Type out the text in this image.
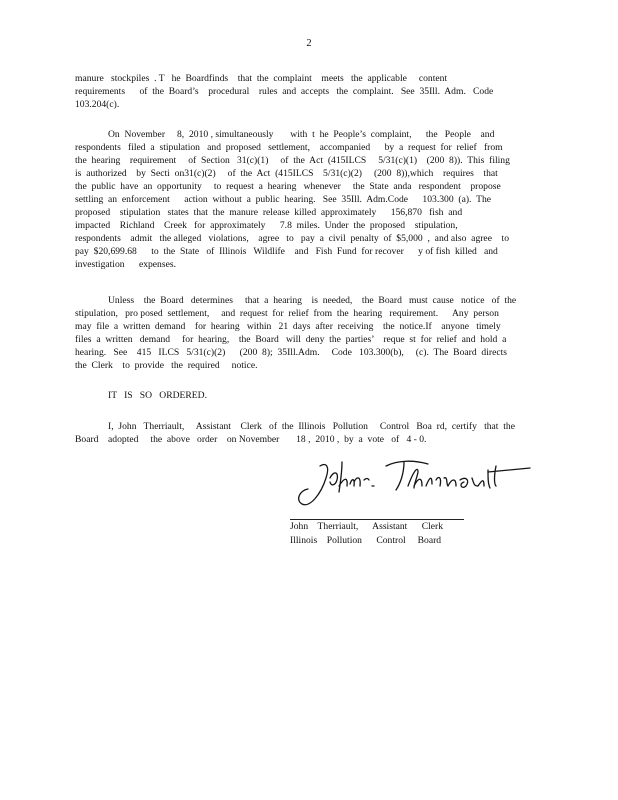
2
manure   stockpiles  . T   he  Boardfinds    that  the  complaint    meets   the  applicable     content
requirements      of  the  Board’s    procedural    rules  and  accepts   the  complaint.   See  35Ill.  Adm.   Code
103.204(c).
On  November     8,  2010 , simultaneously       with  t  he  People’s  complaint,      the   People    and
respondents   filed  a  stipulation   and  proposed   settlement,    accompanied      by  a  request  for  relief   from
the  hearing    requirement     of  Section   31(c)(1)     of  the  Act  (415ILCS     5/31(c)(1)    (200  8)).  This  filing
is  authorized    by  Secti  on31(c)(2)     of  the  Act  (415ILCS    5/31(c)(2)     (200  8)),which    requires    that
the  public  have  an  opportunity     to  request  a  hearing   whenever     the  State  anda   respondent    propose
settling  an  enforcement      action  without  a  public  hearing.   See  35Ill.  Adm.Code      103.300  (a).  The
proposed    stipulation   states  that  the  manure  release  killed  approximately      156,870   fish  and
impacted    Richland    Creek   for  approximately      7.8  miles.  Under  the  proposed    stipulation,
respondents    admit   the alleged   violations,    agree   to   pay  a  civil  penalty  of  $5,000  ,  and also  agree    to
pay  $20,699.68      to  the  State   of  Illinois   Wildlife    and   Fish  Fund  for recover      y of fish  killed   and
investigation      expenses.
Unless    the  Board   determines     that  a  hearing    is  needed,    the  Board   must  cause   notice   of  the
stipulation,   pro posed  settlement,     and  request  for  relief  from  the  hearing   requirement.      Any  person
may  file  a  written  demand    for  hearing   within   21  days  after  receiving    the  notice.If    anyone   timely
files  a  written   demand     for  hearing,    the  Board   will  deny  the  parties’    reque  st  for  relief  and  hold  a
hearing.   See    415   ILCS   5/31(c)(2)      (200  8);  35Ill.Adm.     Code   103.300(b),     (c).  The  Board  directs
the  Clerk    to  provide   the  required     notice.
IT   IS   SO   ORDERED.
I,  John   Therriault,     Assistant    Clerk   of  the  Illinois   Pollution     Control   Boa  rd,  certify   that  the
Board    adopted     the  above   order    on November       18 ,  2010 ,  by  a  vote   of   4 - 0.
John    Therriault,      Assistant      Clerk
Illinois    Pollution      Control     Board
